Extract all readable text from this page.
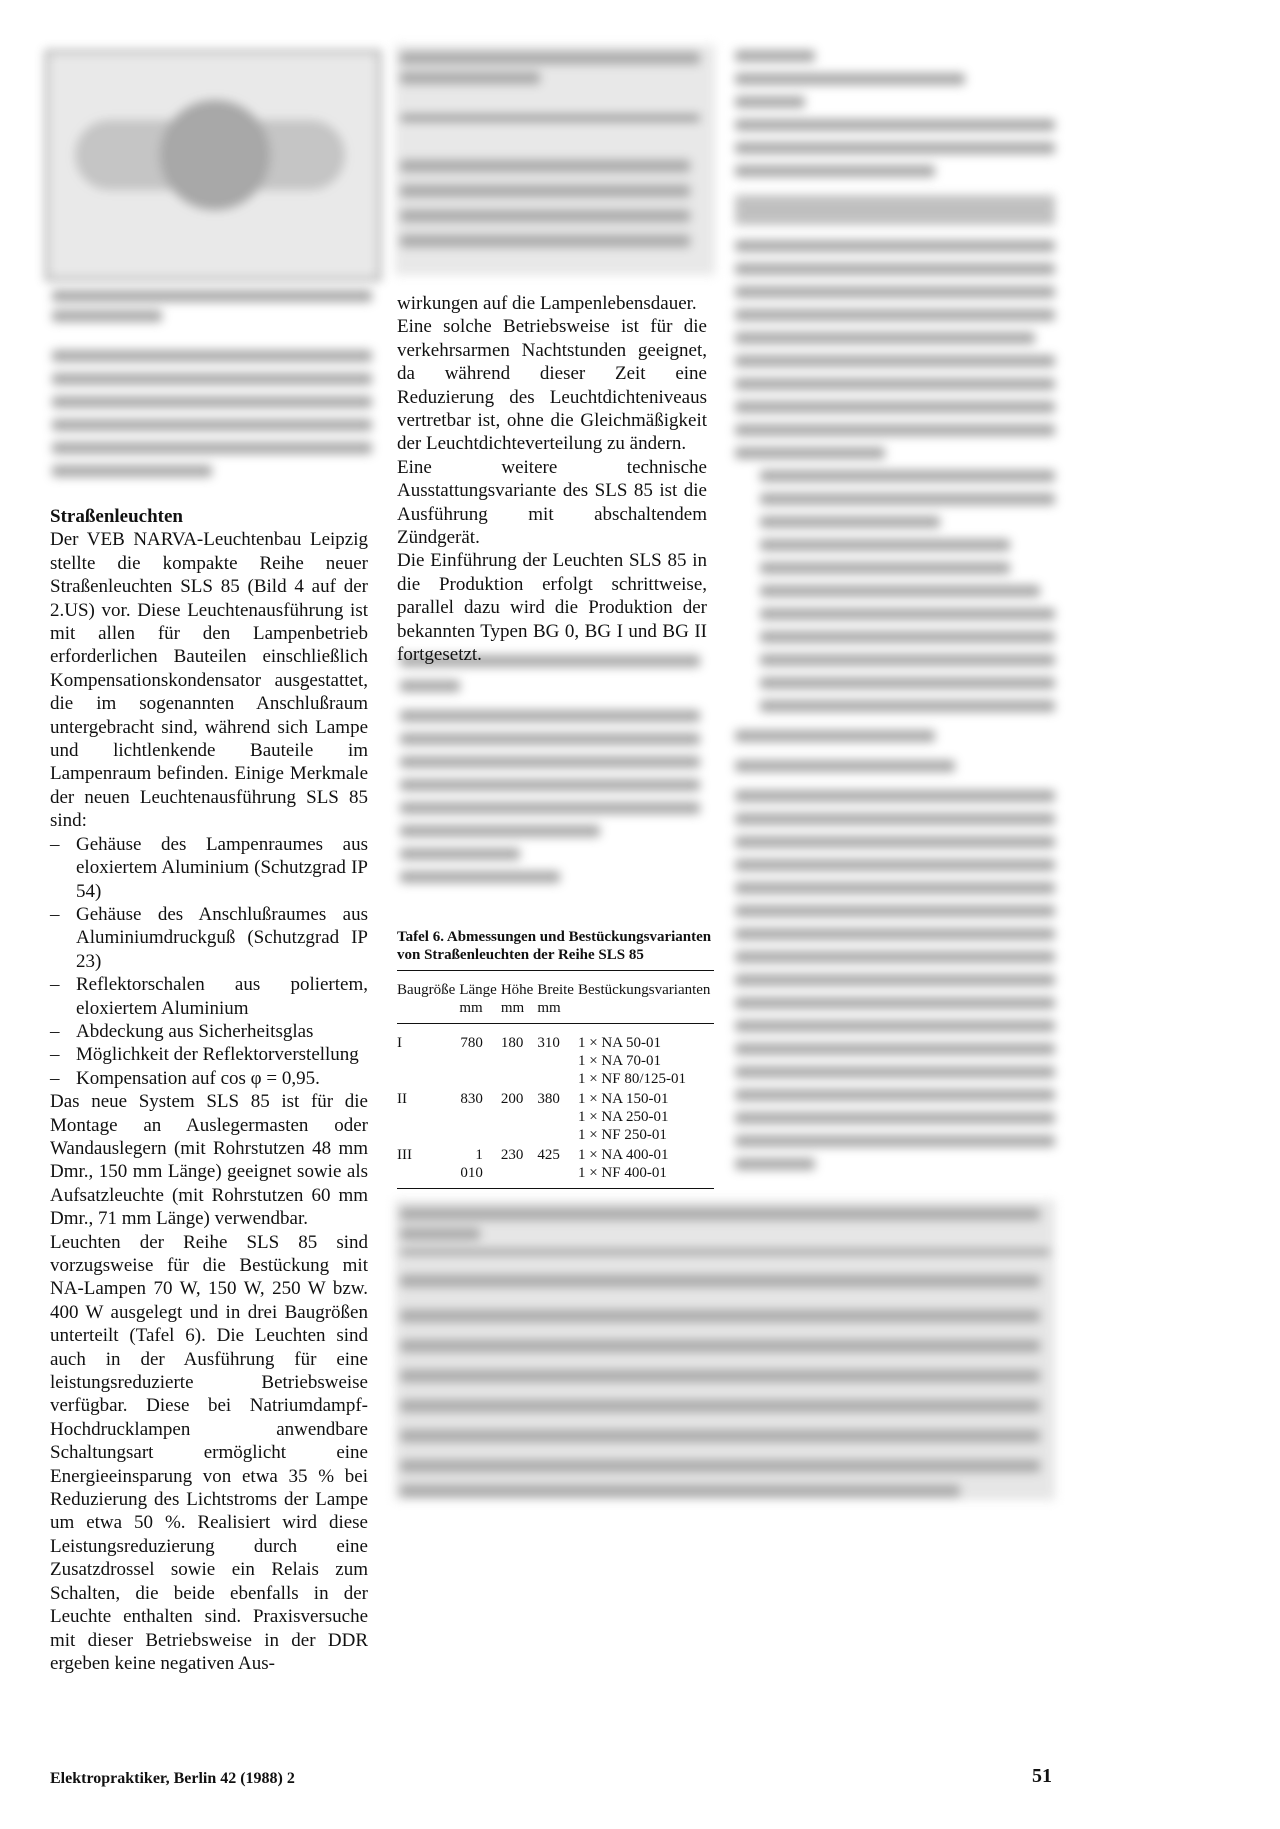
Straßenleuchten

Der VEB NARVA-Leuchtenbau Leipzig stellte die kompakte Reihe neuer Straßenleuchten SLS 85 (Bild 4 auf der 2.US) vor. Diese Leuchtenausführung ist mit allen für den Lampenbetrieb erforderlichen Bauteilen einschließlich Kompensationskondensator ausgestattet, die im sogenannten Anschlußraum untergebracht sind, während sich Lampe und lichtlenkende Bauteile im Lampenraum befinden. Einige Merkmale der neuen Leuchtenausführung SLS 85 sind:

– Gehäuse des Lampenraumes aus eloxiertem Aluminium (Schutzgrad IP 54)
– Gehäuse des Anschlußraumes aus Aluminiumdruckguß (Schutzgrad IP 23)
– Reflektorschalen aus poliertem, eloxiertem Aluminium
– Abdeckung aus Sicherheitsglas
– Möglichkeit der Reflektorverstellung
– Kompensation auf cos φ = 0,95.

Das neue System SLS 85 ist für die Montage an Auslegermasten oder Wandauslegern (mit Rohrstutzen 48 mm Dmr., 150 mm Länge) geeignet sowie als Aufsatzleuchte (mit Rohrstutzen 60 mm Dmr., 71 mm Länge) verwendbar.

Leuchten der Reihe SLS 85 sind vorzugsweise für die Bestückung mit NA-Lampen 70 W, 150 W, 250 W bzw. 400 W ausgelegt und in drei Baugrößen unterteilt (Tafel 6). Die Leuchten sind auch in der Ausführung für eine leistungsreduzierte Betriebsweise verfügbar. Diese bei Natriumdampf-Hochdrucklampen anwendbare Schaltungsart ermöglicht eine Energieeinsparung von etwa 35 % bei Reduzierung des Lichtstroms der Lampe um etwa 50 %. Realisiert wird diese Leistungsreduzierung durch eine Zusatzdrossel sowie ein Relais zum Schalten, die beide ebenfalls in der Leuchte enthalten sind. Praxisversuche mit dieser Betriebsweise in der DDR ergeben keine negativen Aus-

wirkungen auf die Lampenlebensdauer.

Eine solche Betriebsweise ist für die verkehrsarmen Nachtstunden geeignet, da während dieser Zeit eine Reduzierung des Leuchtdichteniveaus vertretbar ist, ohne die Gleichmäßigkeit der Leuchtdichteverteilung zu ändern.

Eine weitere technische Ausstattungsvariante des SLS 85 ist die Ausführung mit abschaltendem Zündgerät.

Die Einführung der Leuchten SLS 85 in die Produktion erfolgt schrittweise, parallel dazu wird die Produktion der bekannten Typen BG 0, BG I und BG II fortgesetzt.

Tafel 6. Abmessungen und Bestückungsvarianten von Straßenleuchten der Reihe SLS 85
Baugröße	Länge mm	Höhe mm	Breite mm	Bestückungsvarianten
I	780	180	310	1 × NA 50-01
1 × NA 70-01
1 × NF 80/125-01

II	830	200	380	1 × NA 150-01
1 × NA 250-01
1 × NF 250-01

III	1 010	230	425	1 × NA 400-01
1 × NF 400-01
Elektropraktiker, Berlin 42 (1988) 2	51
